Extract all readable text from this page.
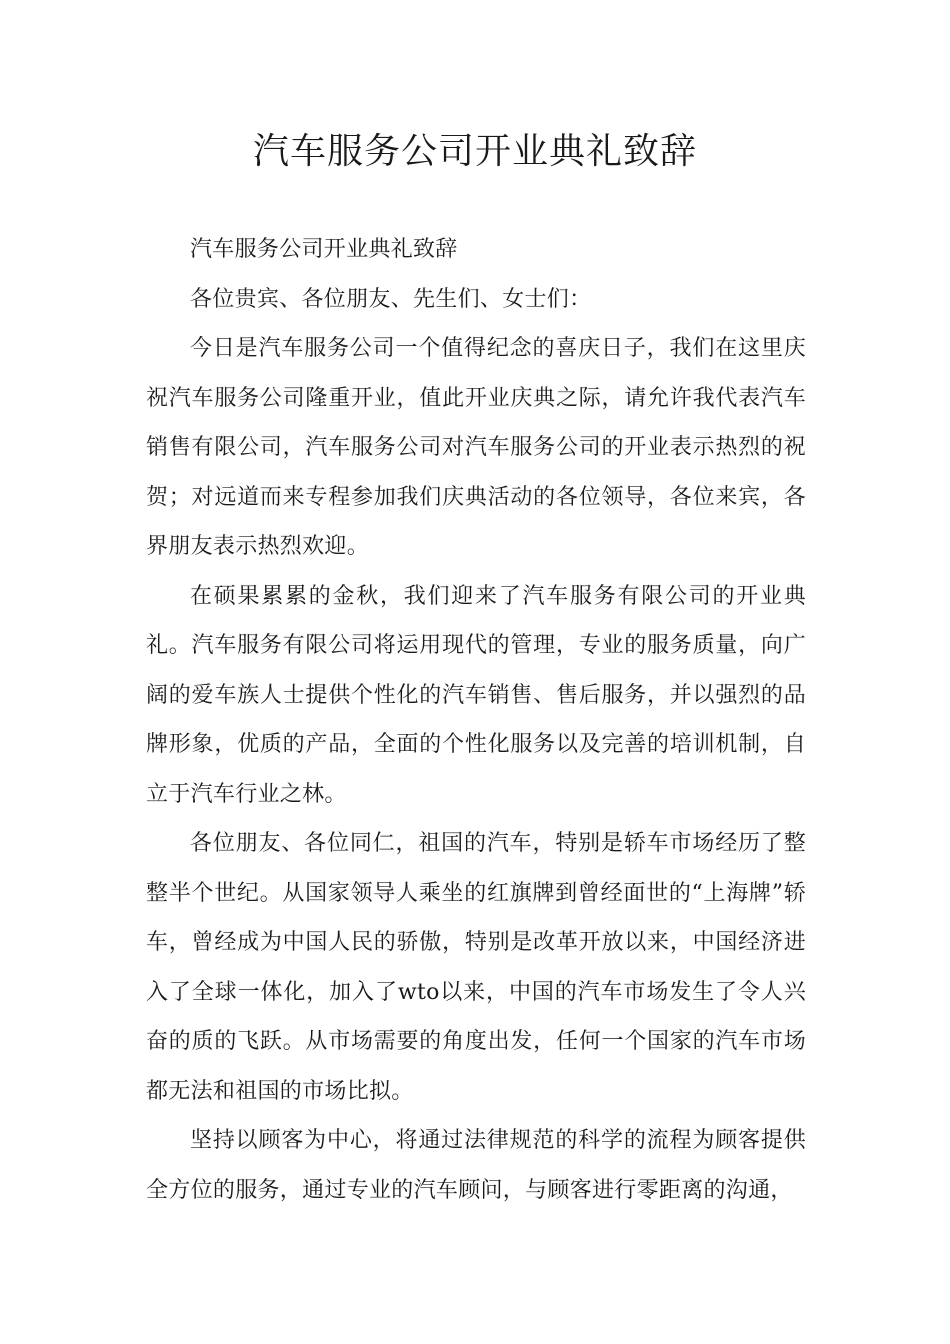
汽车服务公司开业典礼致辞

汽车服务公司开业典礼致辞

各位贵宾、各位朋友、先生们、女士们：

今日是汽车服务公司一个值得纪念的喜庆日子，我们在这里庆祝汽车服务公司隆重开业，值此开业庆典之际，请允许我代表汽车销售有限公司，汽车服务公司对汽车服务公司的开业表示热烈的祝贺；对远道而来专程参加我们庆典活动的各位领导，各位来宾，各界朋友表示热烈欢迎。

在硕果累累的金秋，我们迎来了汽车服务有限公司的开业典礼。汽车服务有限公司将运用现代的管理，专业的服务质量，向广阔的爱车族人士提供个性化的汽车销售、售后服务，并以强烈的品牌形象，优质的产品，全面的个性化服务以及完善的培训机制，自立于汽车行业之林。

各位朋友、各位同仁，祖国的汽车，特别是轿车市场经历了整整半个世纪。从国家领导人乘坐的红旗牌到曾经面世的“上海牌”轿车，曾经成为中国人民的骄傲，特别是改革开放以来，中国经济进入了全球一体化，加入了wto以来，中国的汽车市场发生了令人兴奋的质的飞跃。从市场需要的角度出发，任何一个国家的汽车市场都无法和祖国的市场比拟。

坚持以顾客为中心，将通过法律规范的科学的流程为顾客提供全方位的服务，通过专业的汽车顾问，与顾客进行零距离的沟通，
